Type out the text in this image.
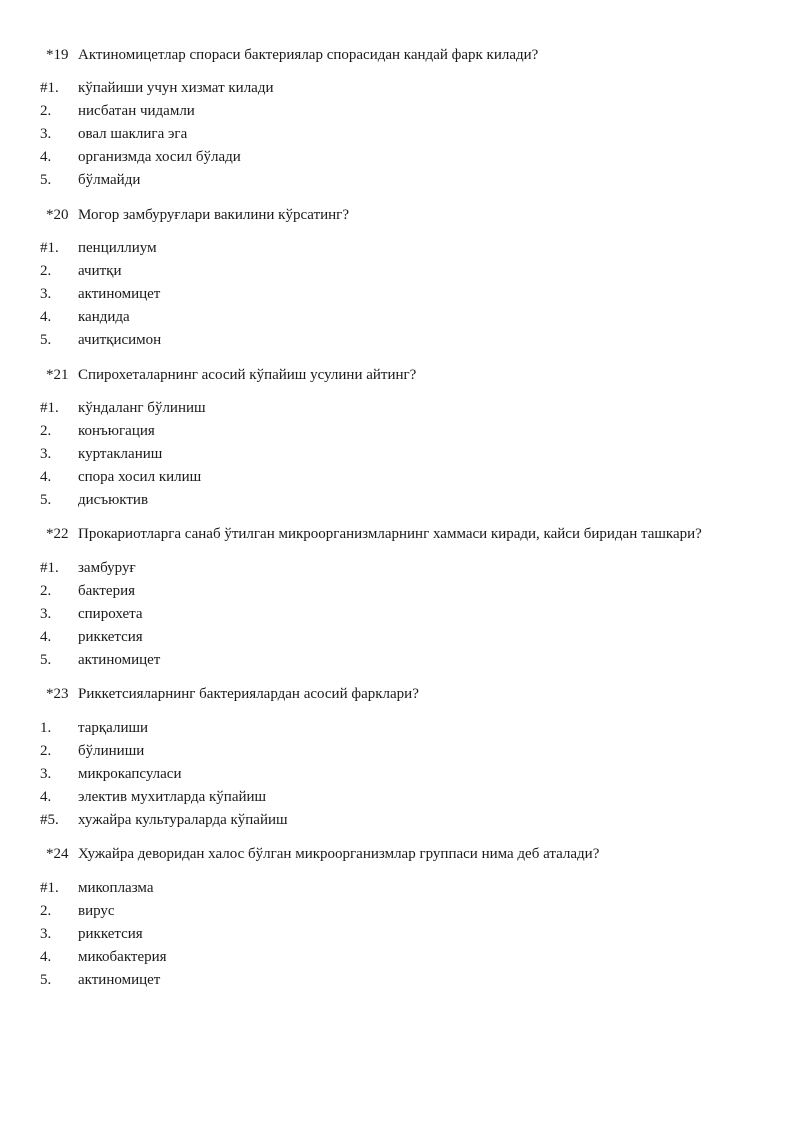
*19 Актиномицетлар спораси бактериялар спорасидан кандай фарк килади?
#1. кўпайиши учун хизмат килади
2. нисбатан чидамли
3. овал шаклига эга
4. организмда хосил бўлади
5. бўлмайди
*20 Могор замбуруғлари вакилини кўрсатинг?
#1. пенциллиум
2. ачитқи
3. актиномицет
4. кандида
5. ачитқисимон
*21 Спирохеталарнинг асосий кўпайиш усулини айтинг?
#1. кўндаланг бўлиниш
2. конъюгация
3. куртакланиш
4. спора хосил килиш
5. дисъюктив
*22 Прокариотларга санаб ўтилган микроорганизмларнинг хаммаси киради, кайси биридан ташкари?
#1. замбуруғ
2. бактерия
3. спирохета
4. риккетсия
5. актиномицет
*23 Риккетсияларнинг бактериялардан асосий фарклари?
1. тарқалиши
2. бўлиниши
3. микрокапсуласи
4. электив мухитларда кўпайиш
#5. хужайра культураларда кўпайиш
*24 Хужайра деворидан халос бўлган микроорганизмлар группаси нима деб аталади?
#1. микоплазма
2. вирус
3. риккетсия
4. микобактерия
5. актиномицет
